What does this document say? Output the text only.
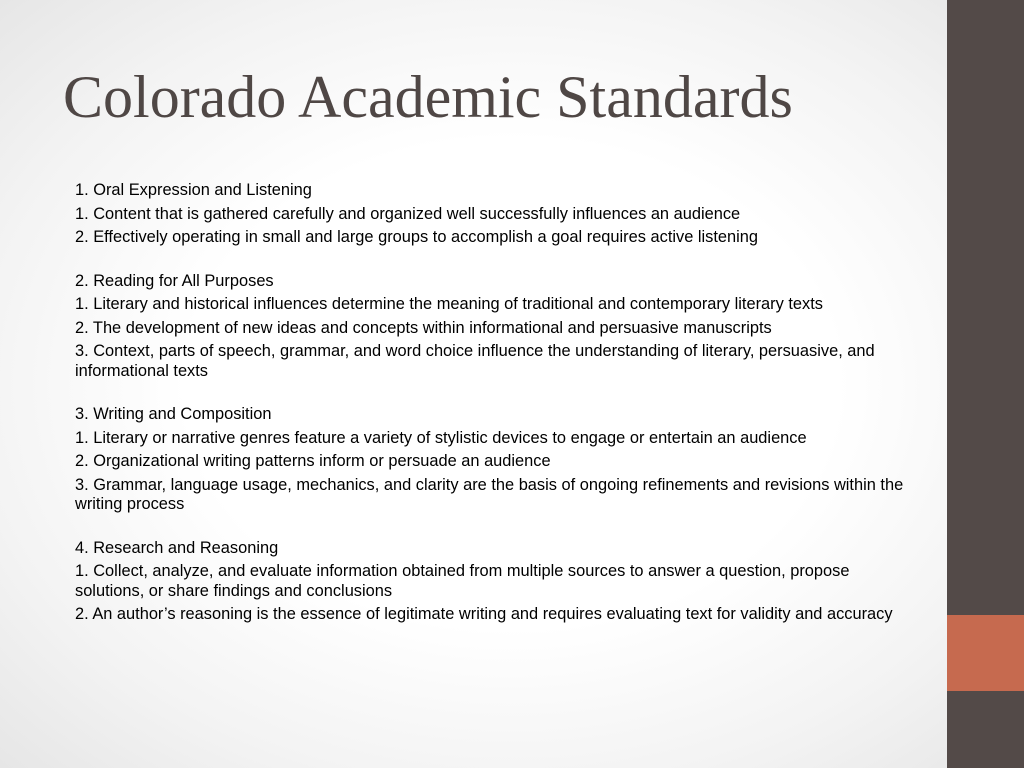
Colorado Academic Standards
1. Oral Expression and Listening
1. Content that is gathered carefully and organized well successfully influences an audience
2. Effectively operating in small and large groups to accomplish a goal requires active listening
2. Reading for All Purposes
1. Literary and historical influences determine the meaning of traditional and contemporary literary texts
2. The development of new ideas and concepts within informational and persuasive manuscripts
3. Context, parts of speech, grammar, and word choice influence the understanding of literary, persuasive, and informational texts
3. Writing and Composition
1. Literary or narrative genres feature a variety of stylistic devices to engage or entertain an audience
2. Organizational writing patterns inform or persuade an audience
3. Grammar, language usage, mechanics, and clarity are the basis of ongoing refinements and revisions within the writing process
4. Research and Reasoning
1. Collect, analyze, and evaluate information obtained from multiple sources to answer a question, propose solutions, or share findings and conclusions
2. An author’s reasoning is the essence of legitimate writing and requires evaluating text for validity and accuracy
